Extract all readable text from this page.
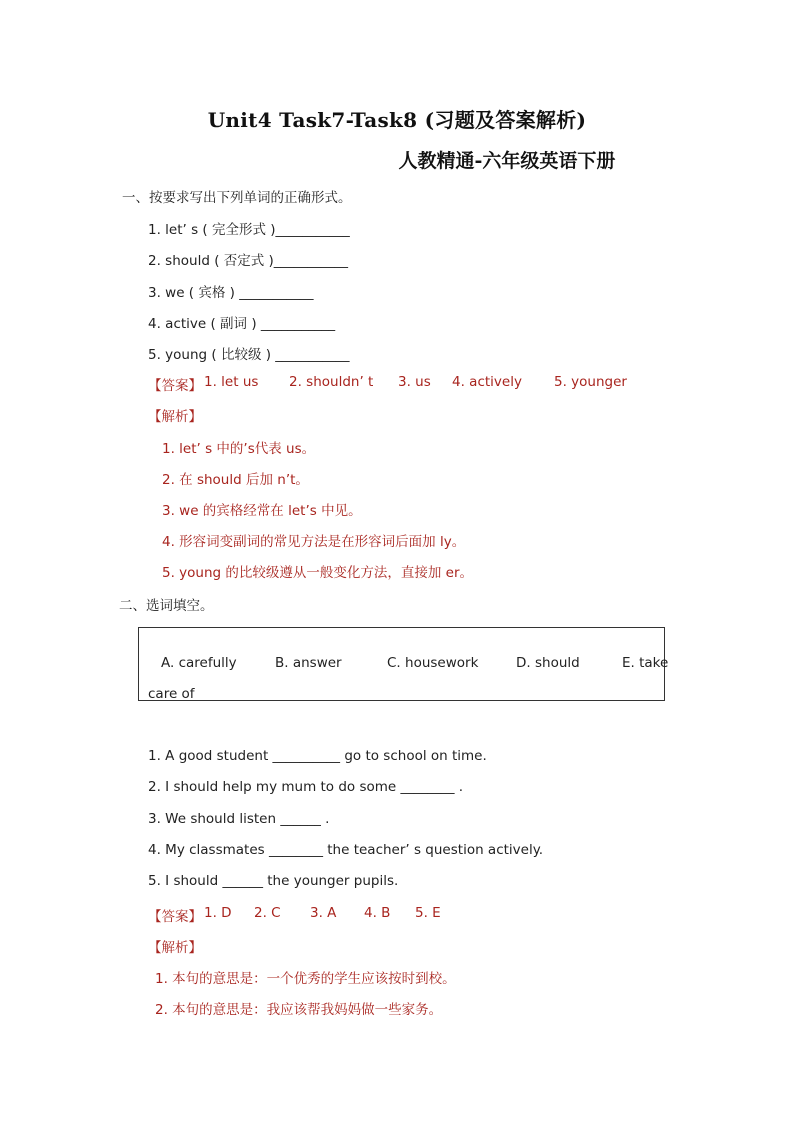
Unit4 Task7-Task8 (习题及答案解析)
人教精通-六年级英语下册
一、按要求写出下列单词的正确形式。
1. let’ s ( 完全形式 )___________
2. should ( 否定式 )___________
3. we ( 宾格 ) ___________
4. active ( 副词 ) ___________
5. young ( 比较级 ) ___________
【答案】 1. let us 2. shouldn’ t 3. us 4. actively 5. younger
【解析】
1. let’ s 中的’s代表 us。
2. 在 should 后加 n’t。
3. we 的宾格经常在 let’s 中见。
4. 形容词变副词的常见方法是在形容词后面加 ly。
5. young 的比较级遵从一般变化方法，直接加 er。
二、选词填空。
A. carefully	B. answer	C. housework	D. should	E. take
care of
1. A good student __________ go to school on time.
2. I should help my mum to do some ________ .
3. We should listen ______ .
4. My classmates ________ the teacher’ s question actively.
5. I should ______ the younger pupils.
【答案】 1. D 2. C 3. A 4. B 5. E
【解析】
1. 本句的意思是：一个优秀的学生应该按时到校。
2. 本句的意思是：我应该帮我妈妈做一些家务。
